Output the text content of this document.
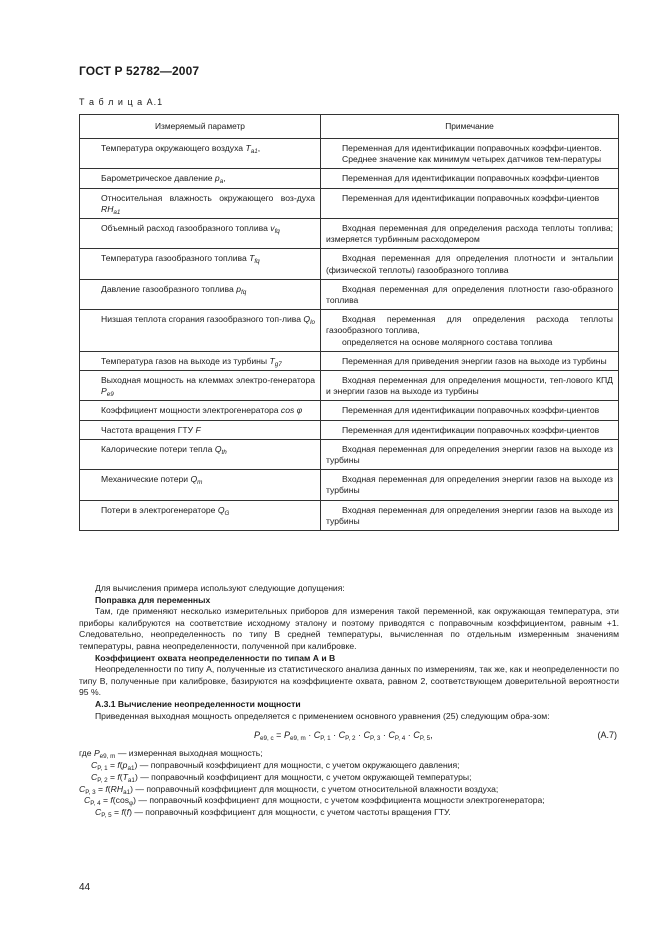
ГОСТ Р 52782—2007
Т а б л и ц а А.1
Измеряемый параметр	Примечание

Температура окружающего воздуха $T_{а1}$,	Переменная для идентификации поправочных коэффи-циентов.
Среднее значение как минимум четырех датчиков тем-пературы

Барометрическое давление $p_а$,	Переменная для идентификации поправочных коэффи-циентов

Относительная влажность окружающего воз-духа $RH_{а1}$	Переменная для идентификации поправочных коэффи-циентов

Объемный расход газообразного топлива $v_{fq}$	Входная переменная для определения расхода теплоты топлива; измеряется турбинным расходомером

Температура газообразного топлива $T_{fq}$	Входная переменная для определения плотности и энтальпии (физической теплоты) газообразного топлива

Давление газообразного топлива $p_{fq}$	Входная переменная для определения плотности газо-образного топлива

Низшая теплота сгорания газообразного топ-лива $Q_{lo}$	Входная переменная для определения расхода теплоты газообразного топлива,
определяется на основе молярного состава топлива

Температура газов на выходе из турбины $T_{g7}$	Переменная для приведения энергии газов на выходе из турбины

Выходная мощность на клеммах электро-генератора $P_{e9}$	Входная переменная для определения мощности, теп-лового КПД и энергии газов на выходе из турбины

Коэффициент мощности электрогенератора cos φ	Переменная для идентификации поправочных коэффи-циентов

Частота вращения ГТУ F	Переменная для идентификации поправочных коэффи-циентов

Калорические потери тепла $Q_{th}$	Входная переменная для определения энергии газов на выходе из турбины

Механические потери $Q_m$	Входная переменная для определения энергии газов на выходе из турбины

Потери в электрогенераторе $Q_G$	Входная переменная для определения энергии газов на выходе из турбины

Для вычисления примера используют следующие допущения:

Поправка для переменных

Там, где применяют несколько измерительных приборов для измерения такой переменной, как окружающая температура, эти приборы калибруются на соответствие исходному эталону и поэтому приводятся с поправочным коэффициентом, равным +1. Следовательно, неопределенность по типу В средней температуры, вычисленная по отдельным измеренным значениям температуры, равна неопределенности, полученной при калибровке.

Коэффициент охвата неопределенности по типам А и В

Неопределенности по типу А, полученные из статистического анализа данных по измерениям, так же, как и неопределенности по типу В, полученные при калибровке, базируются на коэффициенте охвата, равном 2, соответствующем доверительной вероятности 95 %.

А.3.1 Вычисление неопределенности мощности

Приведенная выходная мощность определяется с применением основного уравнения (25) следующим обра-зом:

$P_{e9, c} = P_{e9, m} \cdot C_{P, 1} \cdot C_{P, 2} \cdot C_{P, 3} \cdot C_{P, 4} \cdot C_{P, 5}$,	(А.7)
где $P_{e9, m}$ — измеренная выходная мощность;
$C_{P, 1} = f(p_{a1})$ — поправочный коэффициент для мощности, с учетом окружающего давления;
$C_{P, 2} = f(T_{a1})$ — поправочный коэффициент для мощности, с учетом окружающей температуры;
$C_{P, 3} = f(RH_{a1})$ — поправочный коэффициент для мощности, с учетом относительной влажности воздуха;
$C_{P, 4} = f(\cos_\varphi)$ — поправочный коэффициент для мощности, с учетом коэффициента мощности электрогенератора;
$C_{P, 5} = f(f)$ — поправочный коэффициент для мощности, с учетом частоты вращения ГТУ.
44
